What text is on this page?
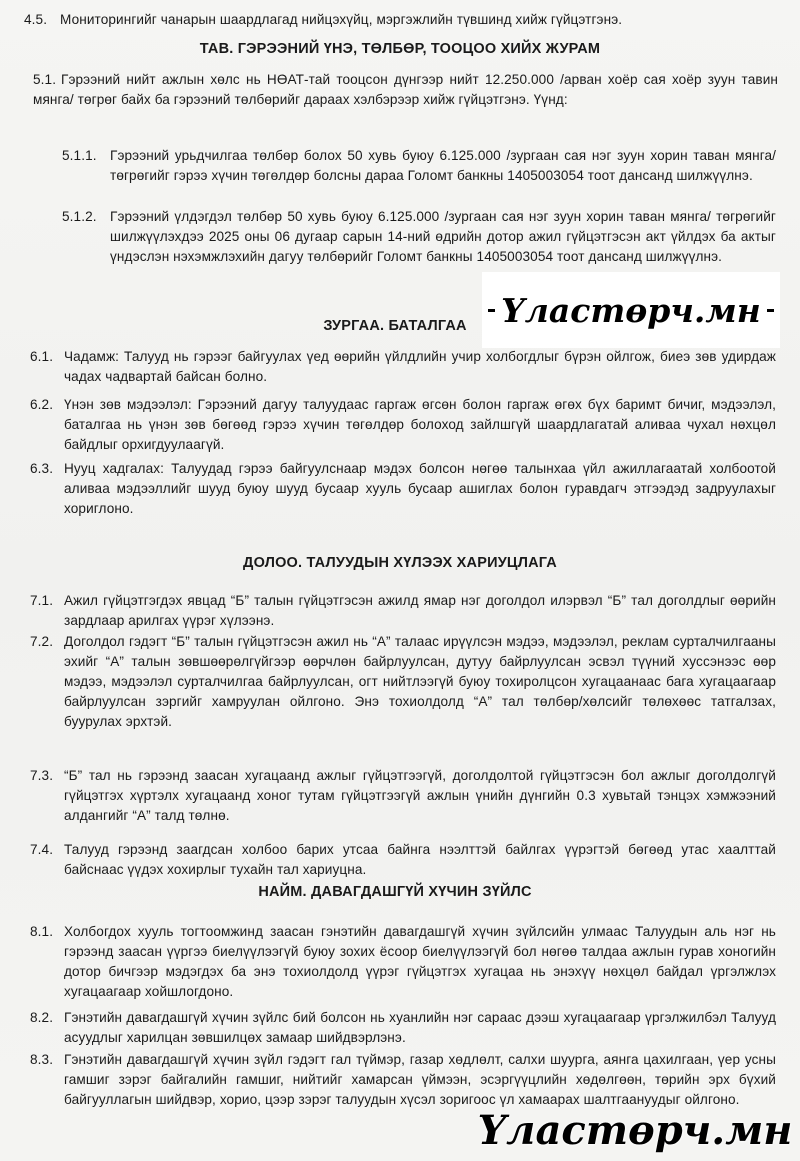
4.5. Мониторингийг чанарын шаардлагад нийцэхүйц, мэргэжлийн түвшинд хийж гүйцэтгэнэ.
ТАВ. ГЭРЭЭНИЙ ҮНЭ, ТӨЛБӨР, ТООЦОО ХИЙХ ЖУРАМ
5.1. Гэрээний нийт ажлын хөлс нь НӨАТ-тай тооцсон дүнгээр нийт 12.250.000 /арван хоёр сая хоёр зуун тавин мянга/ төгрөг байх ба гэрээний төлбөрийг дараах хэлбэрээр хийж гүйцэтгэнэ. Үүнд:
5.1.1. Гэрээний урьдчилгаа төлбөр болох 50 хувь буюу 6.125.000 /зургаан сая нэг зуун хорин таван мянга/ төгрөгийг гэрээ хүчин төгөлдөр болсны дараа Голомт банкны 1405003054 тоот дансанд шилжүүлнэ.
5.1.2. Гэрээний үлдэгдэл төлбөр 50 хувь буюу 6.125.000 /зургаан сая нэг зуун хорин таван мянга/ төгрөгийг шилжүүлэхдээ 2025 оны 06 дугаар сарын 14-ний өдрийн дотор ажил гүйцэтгэсэн акт үйлдэх ба актыг үндэслэн нэхэмжлэхийн дагуу төлбөрийг Голомт банкны 1405003054 тоот дансанд шилжүүлнэ.
Үластөрч.мн
ЗУРГАА. БАТАЛГАА
6.1. Чадамж: Талууд нь гэрээг байгуулах үед өөрийн үйлдлийн учир холбогдлыг бүрэн ойлгож, биеэ зөв удирдаж чадах чадвартай байсан болно.
6.2. Үнэн зөв мэдээлэл: Гэрээний дагуу талуудаас гаргаж өгсөн болон гаргаж өгөх бүх баримт бичиг, мэдээлэл, баталгаа нь үнэн зөв бөгөөд гэрээ хүчин төгөлдөр болоход зайлшгүй шаардлагатай аливаа чухал нөхцөл байдлыг орхигдуулаагүй.
6.3. Нууц хадгалах: Талуудад гэрээ байгуулснаар мэдэх болсон нөгөө талынхаа үйл ажиллагаатай холбоотой аливаа мэдээллийг шууд буюу шууд бусаар хууль бусаар ашиглах болон гуравдагч этгээдэд задруулахыг хориглоно.
ДОЛОО. ТАЛУУДЫН ХҮЛЭЭХ ХАРИУЦЛАГА
7.1. Ажил гүйцэтгэгдэх явцад “Б” талын гүйцэтгэсэн ажилд ямар нэг доголдол илэрвэл “Б” тал доголдлыг өөрийн зардлаар арилгах үүрэг хүлээнэ.
7.2. Доголдол гэдэгт “Б” талын гүйцэтгэсэн ажил нь “А” талаас ирүүлсэн мэдээ, мэдээлэл, реклам сурталчилгааны эхийг “А” талын зөвшөөрөлгүйгээр өөрчлөн байрлуулсан, дутуу байрлуулсан эсвэл түүний хуссэнээс өөр мэдээ, мэдээлэл сурталчилгаа байрлуулсан, огт нийтлээгүй буюу тохиролцсон хугацаанаас бага хугацаагаар байрлуулсан зэргийг хамруулан ойлгоно. Энэ тохиолдолд “А” тал төлбөр/хөлсийг төлөхөөс татгалзах, буурулах эрхтэй.
7.3. “Б” тал нь гэрээнд заасан хугацаанд ажлыг гүйцэтгээгүй, доголдолтой гүйцэтгэсэн бол ажлыг доголдолгүй гүйцэтгэх хүртэлх хугацаанд хоног тутам гүйцэтгээгүй ажлын үнийн дүнгийн 0.3 хувьтай тэнцэх хэмжээний алдангийг “А” талд төлнө.
7.4. Талууд гэрээнд заагдсан холбоо барих утсаа байнга нээлттэй байлгах үүрэгтэй бөгөөд утас хаалттай байснаас үүдэх хохирлыг тухайн тал хариуцна.
НАЙМ. ДАВАГДАШГҮЙ ХҮЧИН ЗҮЙЛС
8.1. Холбогдох хууль тогтоомжинд заасан гэнэтийн давагдашгүй хүчин зүйлсийн улмаас Талуудын аль нэг нь гэрээнд заасан үүргээ биелүүлээгүй буюу зохих ёсоор биелүүлээгүй бол нөгөө талдаа ажлын гурав хоногийн дотор бичгээр мэдэгдэх ба энэ тохиолдолд үүрэг гүйцэтгэх хугацаа нь энэхүү нөхцөл байдал үргэлжлэх хугацаагаар хойшлогдоно.
8.2. Гэнэтийн давагдашгүй хүчин зүйлс бий болсон нь хуанлийн нэг сараас дээш хугацаагаар үргэлжилбэл Талууд асуудлыг харилцан зөвшилцөх замаар шийдвэрлэнэ.
8.3. Гэнэтийн давагдашгүй хүчин зүйл гэдэгт гал түймэр, газар хөдлөлт, салхи шуурга, аянга цахилгаан, үер усны гамшиг зэрэг байгалийн гамшиг, нийтийг хамарсан үймээн, эсэргүүцлийн хөдөлгөөн, төрийн эрх бүхий байгууллагын шийдвэр, хорио, цээр зэрэг талуудын хүсэл зоригоос үл хамаарах шалтгаануудыг ойлгоно.
Үластөрч.мн
